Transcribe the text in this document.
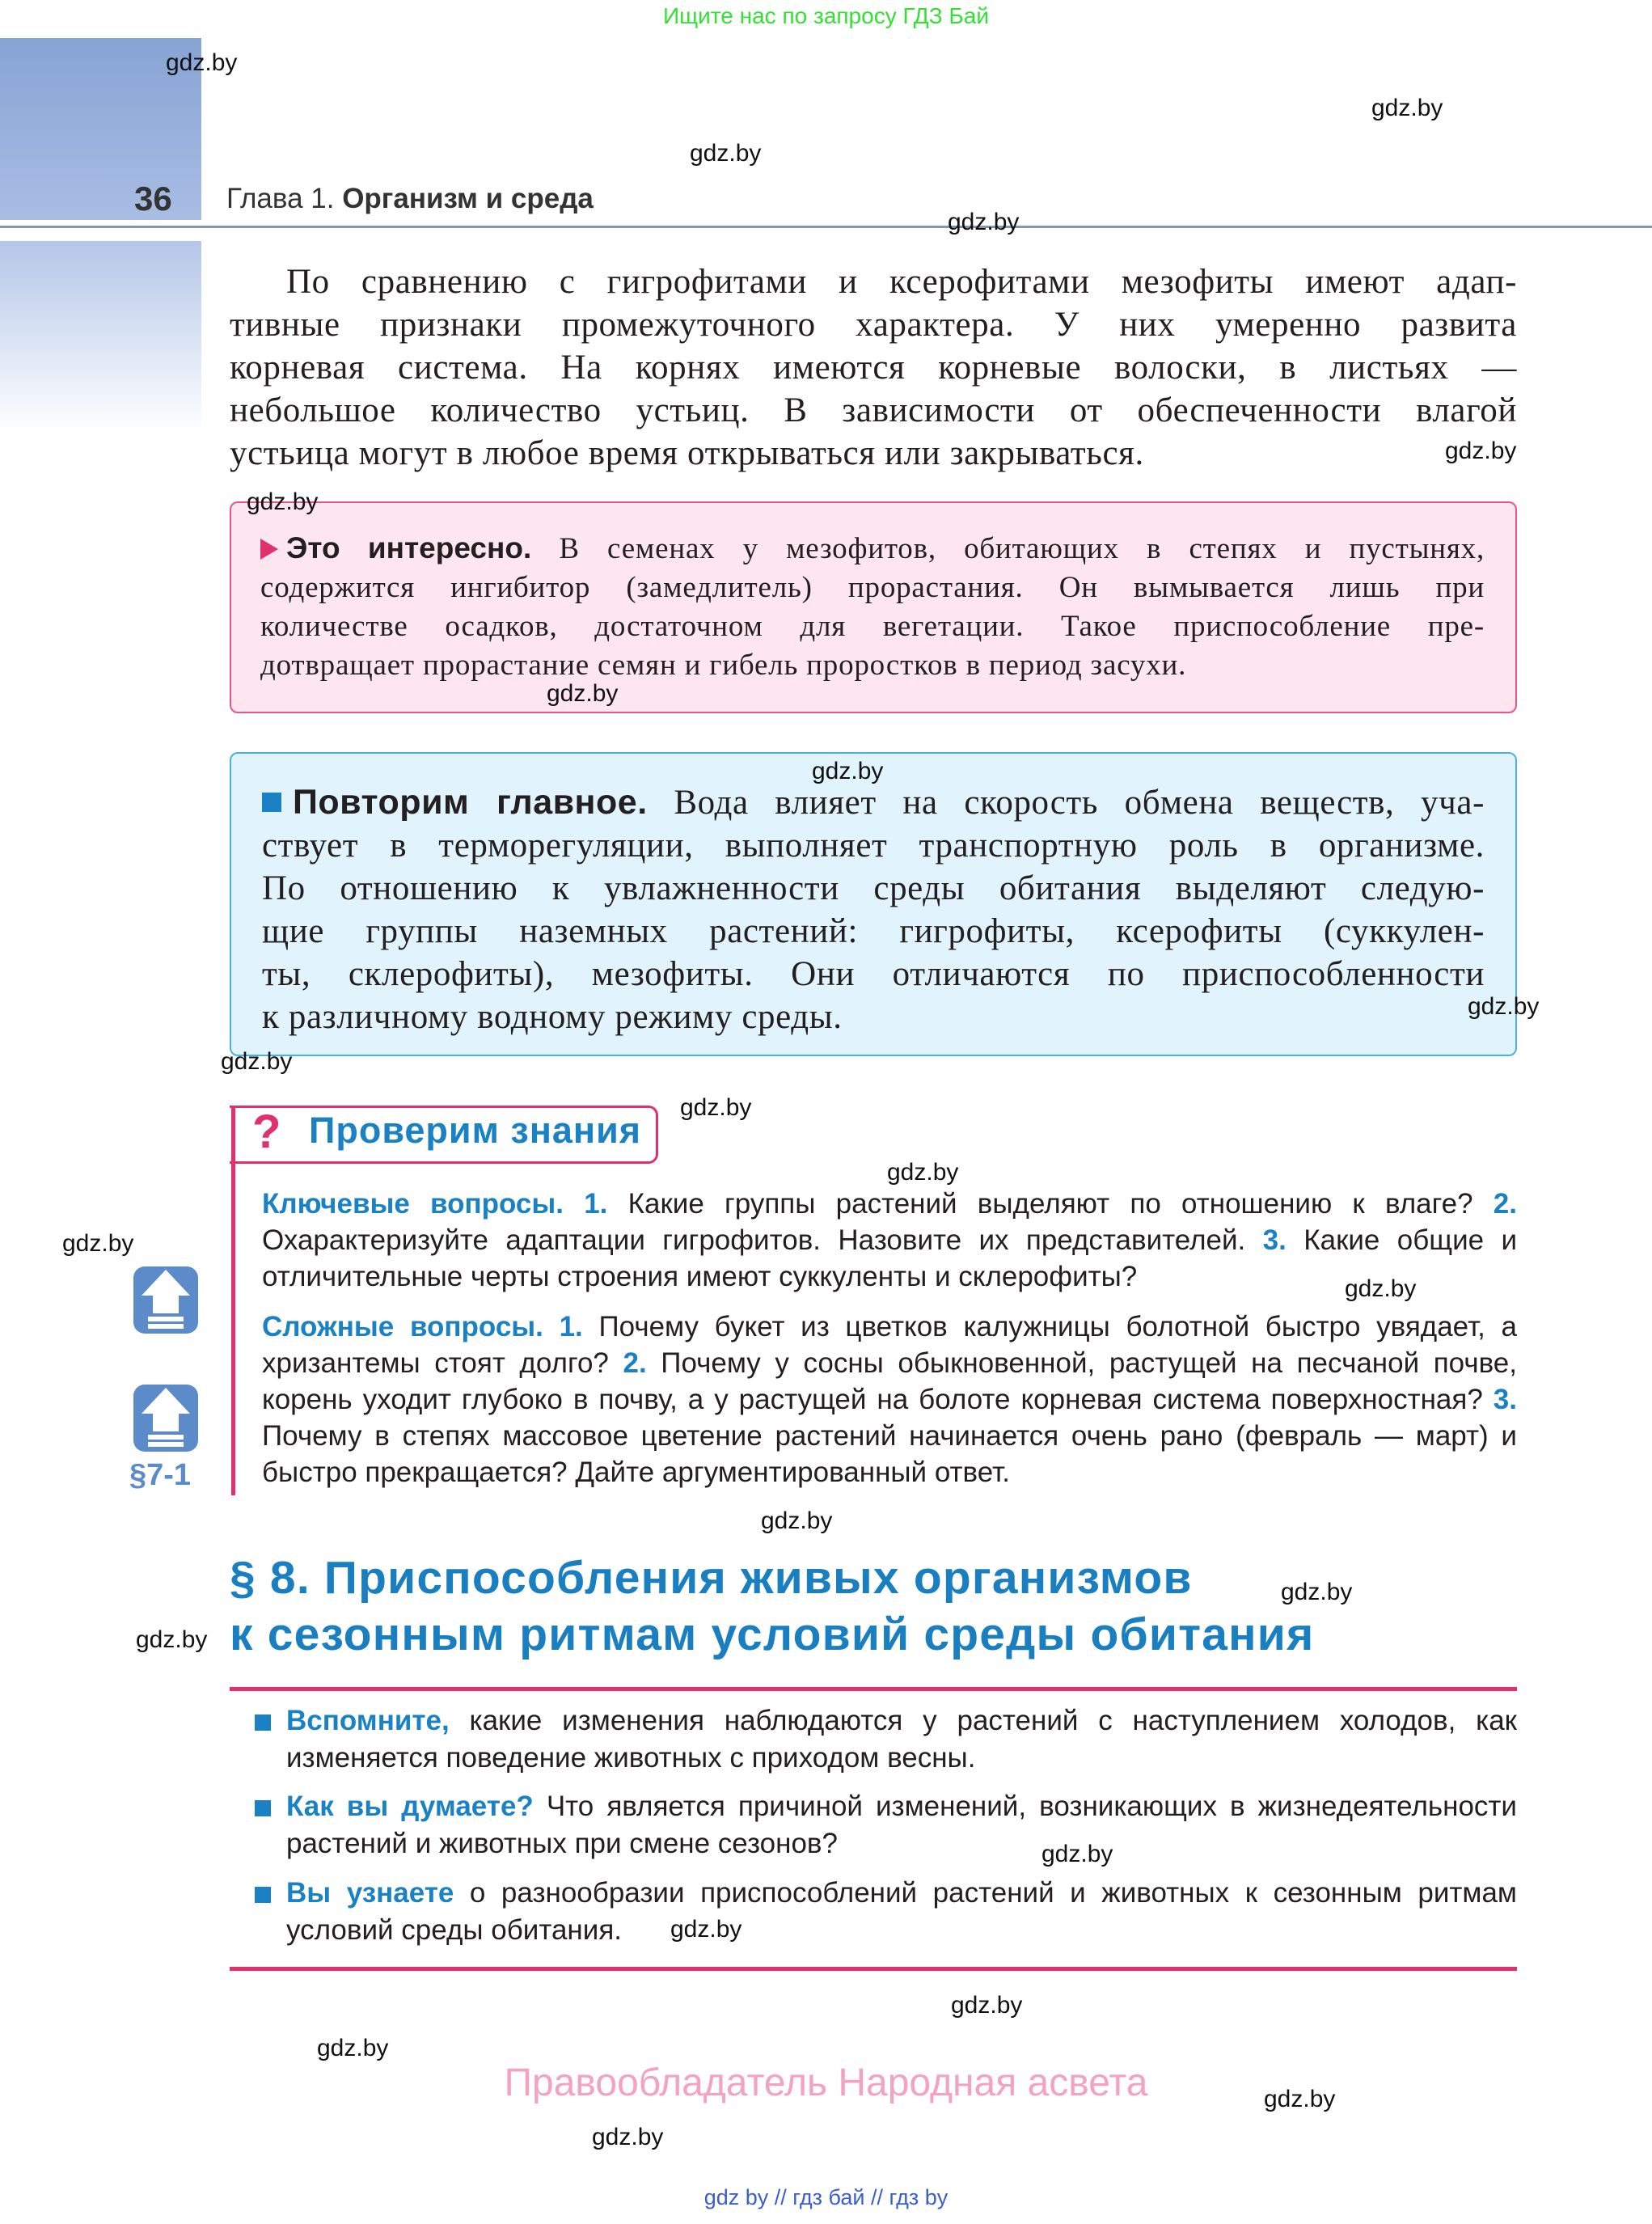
Ищите нас по запросу ГДЗ Бай
36 Глава 1. Организм и среда
По сравнению с гигрофитами и ксерофитами мезофиты имеют адап-
тивные признаки промежуточного характера. У них умеренно развита
корневая система. На корнях имеются корневые волоски, в листьях —
небольшое количество устьиц. В зависимости от обеспеченности влагой
устьица могут в любое время открываться или закрываться.
Это интересно. В семенах у мезофитов, обитающих в степях и пустынях,
содержится ингибитор (замедлитель) прорастания. Он вымывается лишь при
количестве осадков, достаточном для вегетации. Такое приспособление пре-
дотвращает прорастание семян и гибель проростков в период засухи.
Повторим главное. Вода влияет на скорость обмена веществ, уча-
ствует в терморегуляции, выполняет транспортную роль в организме.
По отношению к увлажненности среды обитания выделяют следую-
щие группы наземных растений: гигрофиты, ксерофиты (суккулен-
ты, склерофиты), мезофиты. Они отличаются по приспособленности
к различному водному режиму среды.
? Проверим знания
Ключевые вопросы. 1. Какие группы растений выделяют по отношению к влаге? 2. Охарактеризуйте адаптации гигрофитов. Назовите их представителей. 3. Какие общие и отличительные черты строения имеют суккуленты и склерофиты?
Сложные вопросы. 1. Почему букет из цветков калужницы болотной быстро увядает, а хризантемы стоят долго? 2. Почему у сосны обыкновенной, растущей на песчаной почве, корень уходит глубоко в почву, а у растущей на болоте корневая система поверхностная? 3. Почему в степях массовое цветение растений начинается очень рано (февраль — март) и быстро прекращается? Дайте аргументированный ответ.
§7-1
§ 8. Приспособления живых организмов
к сезонным ритмам условий среды обитания
Вспомните, какие изменения наблюдаются у растений с наступлением холодов, как изменяется поведение животных с приходом весны.
Как вы думаете? Что является причиной изменений, возникающих в жизнедеятельности растений и животных при смене сезонов?
Вы узнаете о разнообразии приспособлений растений и животных к сезонным ритмам условий среды обитания.
Правообладатель Народная асвета
gdz by // гдз бай // гдз by
gdz.by
gdz.by
gdz.by
gdz.by
gdz.by
gdz.by
gdz.by
gdz.by
gdz.by
gdz.by
gdz.by
gdz.by
gdz.by
gdz.by
gdz.by
gdz.by
gdz.by
gdz.by
gdz.by
gdz.by
gdz.by
gdz.by
gdz.by
